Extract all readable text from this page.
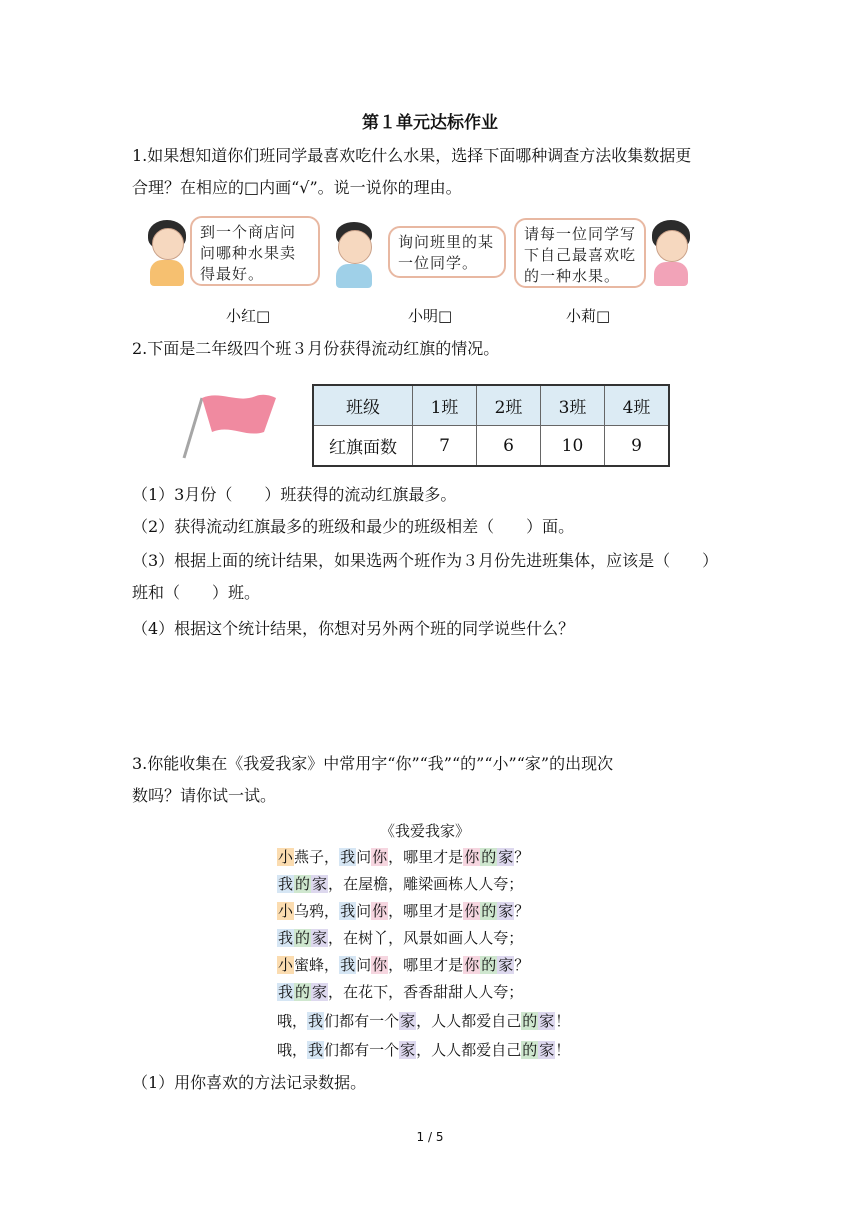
第１单元达标作业
1.如果想知道你们班同学最喜欢吃什么水果，选择下面哪种调查方法收集数据更
合理？在相应的□内画“√”。说一说你的理由。
到一个商店问问哪种水果卖得最好。
小红□
询问班里的某一位同学。
小明□
请每一位同学写下自己最喜欢吃的一种水果。
小莉□
2.下面是二年级四个班３月份获得流动红旗的情况。
班级	1班	2班	3班	4班
红旗面数	7	6	10	9
（1）3月份（　　）班获得的流动红旗最多。
（2）获得流动红旗最多的班级和最少的班级相差（　　）面。
（3）根据上面的统计结果，如果选两个班作为３月份先进班集体，应该是（　　）
班和（　　）班。
（4）根据这个统计结果，你想对另外两个班的同学说些什么？
3.你能收集在《我爱我家》中常用字“你”“我”“的”“小”“家”的出现次
数吗？请你试一试。
《我爱我家》
小燕子，我问你，哪里才是你 的 家？
我 的 家，在屋檐，雕梁画栋人人夸；
小乌鸦，我问你，哪里才是你 的 家？
我 的 家，在树丫，风景如画人人夸；
小蜜蜂，我问你，哪里才是你 的 家？
我 的 家，在花下，香香甜甜人人夸；
哦，我们都有一个家，人人都爱自己的 家！
哦，我们都有一个家，人人都爱自己的 家！
（1）用你喜欢的方法记录数据。
1 / 5
